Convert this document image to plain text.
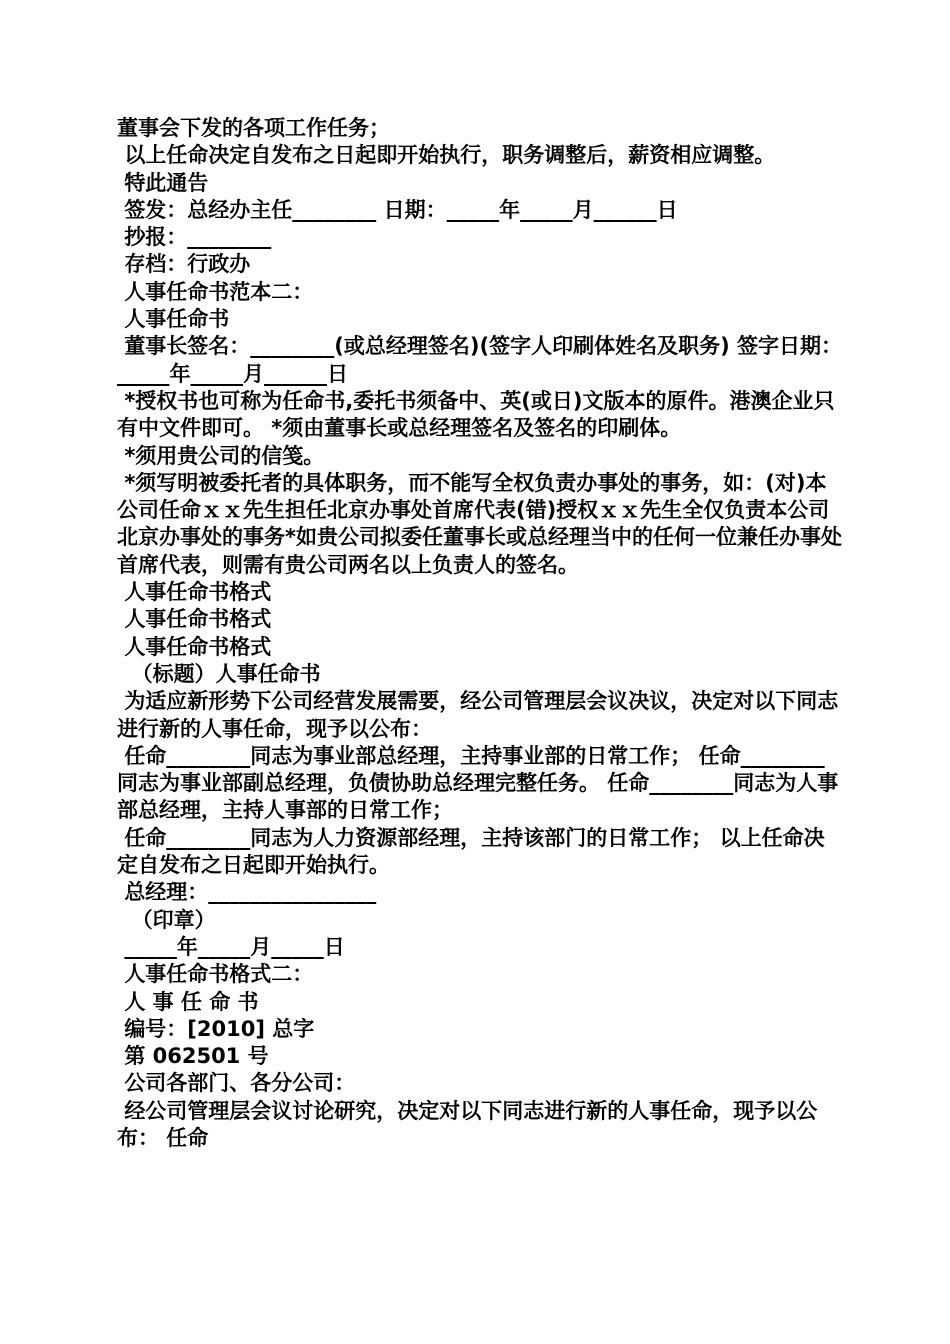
董事会下发的各项工作任务；

以上任命决定自发布之日起即开始执行，职务调整后，薪资相应调整。

特此通告

签发：总经办主任________ 日期：_____年_____月______日

抄报：________

存档：行政办

人事任命书范本二：

人事任命书

董事长签名：________(或总经理签名)(签字人印刷体姓名及职务) 签字日期：_____年_____月______日

*授权书也可称为任命书,委托书须备中、英(或日)文版本的原件。港澳企业只有中文件即可。 *须由董事长或总经理签名及签名的印刷体。

*须用贵公司的信笺。

*须写明被委托者的具体职务，而不能写全权负责办事处的事务，如：(对)本公司任命ｘｘ先生担任北京办事处首席代表(错)授权ｘｘ先生全仅负责本公司北京办事处的事务*如贵公司拟委任董事长或总经理当中的任何一位兼任办事处首席代表，则需有贵公司两名以上负责人的签名。

人事任命书格式

人事任命书格式

人事任命书格式

（标题）人事任命书

为适应新形势下公司经营发展需要，经公司管理层会议决议，决定对以下同志进行新的人事任命，现予以公布：

任命________同志为事业部总经理，主持事业部的日常工作； 任命________同志为事业部副总经理，负债协助总经理完整任务。 任命________同志为人事部总经理，主持人事部的日常工作；

任命________同志为人力资源部经理，主持该部门的日常工作； 以上任命决定自发布之日起即开始执行。

总经理：________________

（印章）

_____年_____月_____日

人事任命书格式二：

人 事 任 命 书

编号：[2010] 总字

第 062501 号

公司各部门、各分公司：

经公司管理层会议讨论研究，决定对以下同志进行新的人事任命，现予以公布： 任命
